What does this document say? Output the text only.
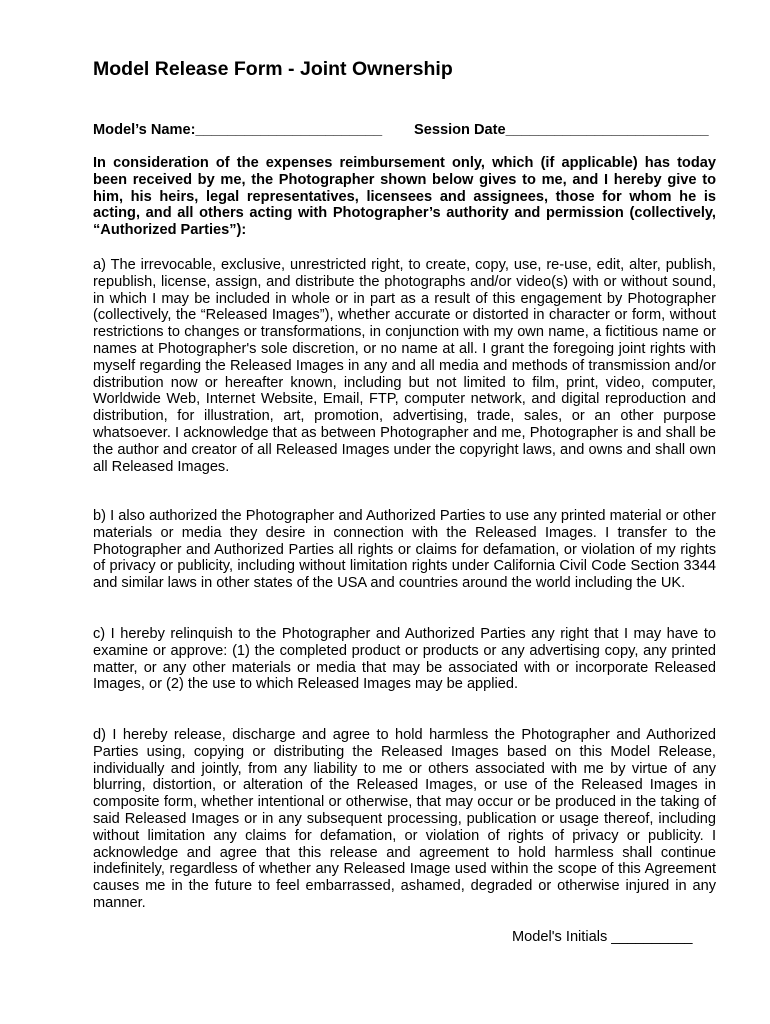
Model Release Form - Joint Ownership
Model’s Name:_______________________ Session Date_________________________

In consideration of the expenses reimbursement only, which (if applicable) has today been received by me, the Photographer shown below gives to me, and I hereby give to him, his heirs, legal representatives, licensees and assignees, those for whom he is acting, and all others acting with Photographer’s authority and permission (collectively, “Authorized Parties”):

a) The irrevocable, exclusive, unrestricted right, to create, copy, use, re-use, edit, alter, publish, republish, license, assign, and distribute the photographs and/or video(s) with or without sound, in which I may be included in whole or in part as a result of this engagement by Photographer (collectively, the “Released Images”), whether accurate or distorted in character or form, without restrictions to changes or transformations, in conjunction with my own name, a fictitious name or names at Photographer's sole discretion, or no name at all. I grant the foregoing joint rights with myself regarding the Released Images in any and all media and methods of transmission and/or distribution now or hereafter known, including but not limited to film, print, video, computer, Worldwide Web, Internet Website, Email, FTP, computer network, and digital reproduction and distribution, for illustration, art, promotion, advertising, trade, sales, or an other purpose whatsoever. I acknowledge that as between Photographer and me, Photographer is and shall be the author and creator of all Released Images under the copyright laws, and owns and shall own all Released Images.

b) I also authorized the Photographer and Authorized Parties to use any printed material or other materials or media they desire in connection with the Released Images. I transfer to the Photographer and Authorized Parties all rights or claims for defamation, or violation of my rights of privacy or publicity, including without limitation rights under California Civil Code Section 3344 and similar laws in other states of the USA and countries around the world including the UK.

c) I hereby relinquish to the Photographer and Authorized Parties any right that I may have to examine or approve: (1) the completed product or products or any advertising copy, any printed matter, or any other materials or media that may be associated with or incorporate Released Images, or (2) the use to which Released Images may be applied.

d) I hereby release, discharge and agree to hold harmless the Photographer and Authorized Parties using, copying or distributing the Released Images based on this Model Release, individually and jointly, from any liability to me or others associated with me by virtue of any blurring, distortion, or alteration of the Released Images, or use of the Released Images in composite form, whether intentional or otherwise, that may occur or be produced in the taking of said Released Images or in any subsequent processing, publication or usage thereof, including without limitation any claims for defamation, or violation of rights of privacy or publicity. I acknowledge and agree that this release and agreement to hold harmless shall continue indefinitely, regardless of whether any Released Image used within the scope of this Agreement causes me in the future to feel embarrassed, ashamed, degraded or otherwise injured in any manner.

Model's Initials __________
